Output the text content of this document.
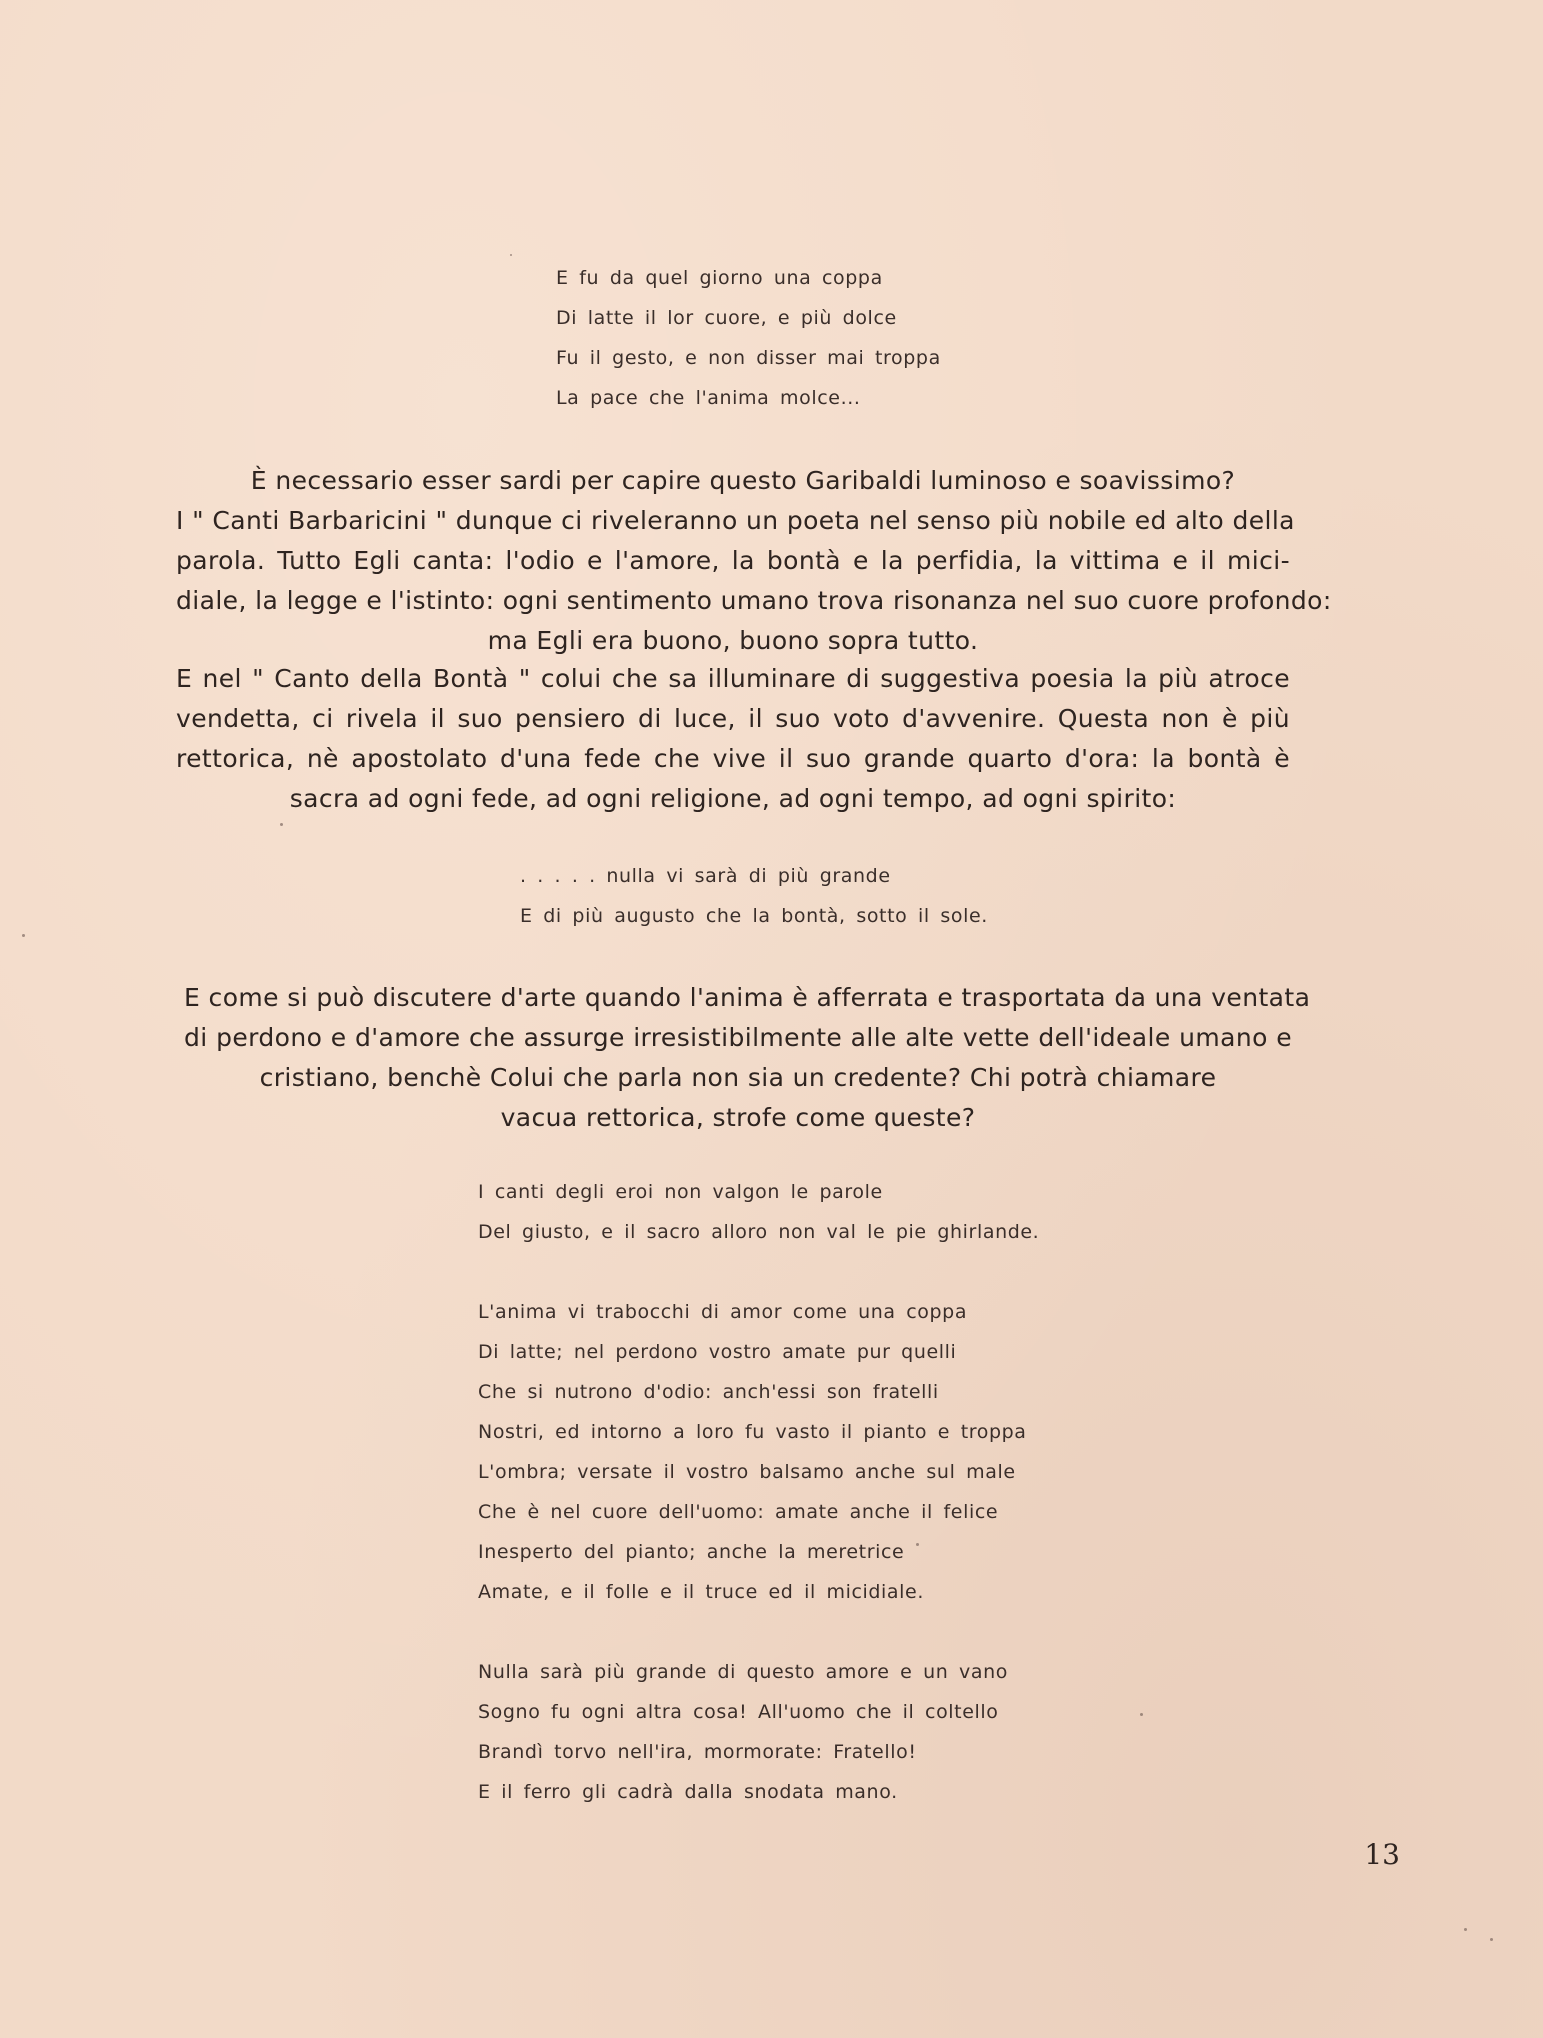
E fu da quel giorno una coppa
Di latte il lor cuore, e più dolce
Fu il gesto, e non disser mai troppa
La pace che l'anima molce...
È necessario esser sardi per capire questo Garibaldi luminoso e soavissimo?
I " Canti Barbaricini " dunque ci riveleranno un poeta nel senso più nobile ed alto della
parola. Tutto Egli canta: l'odio e l'amore, la bontà e la perfidia, la vittima e il mici-
diale, la legge e l'istinto: ogni sentimento umano trova risonanza nel suo cuore profondo:
ma Egli era buono, buono sopra tutto.
E nel " Canto della Bontà " colui che sa illuminare di suggestiva poesia la più atroce
vendetta, ci rivela il suo pensiero di luce, il suo voto d'avvenire. Questa non è più
rettorica, nè apostolato d'una fede che vive il suo grande quarto d'ora: la bontà è
sacra ad ogni fede, ad ogni religione, ad ogni tempo, ad ogni spirito:
. . . . . nulla vi sarà di più grande
E di più augusto che la bontà, sotto il sole.
E come si può discutere d'arte quando l'anima è afferrata e trasportata da una ventata
di perdono e d'amore che assurge irresistibilmente alle alte vette dell'ideale umano e
cristiano, benchè Colui che parla non sia un credente? Chi potrà chiamare
vacua rettorica, strofe come queste?
I canti degli eroi non valgon le parole
Del giusto, e il sacro alloro non val le pie ghirlande.
L'anima vi trabocchi di amor come una coppa
Di latte; nel perdono vostro amate pur quelli
Che si nutrono d'odio: anch'essi son fratelli
Nostri, ed intorno a loro fu vasto il pianto e troppa
L'ombra; versate il vostro balsamo anche sul male
Che è nel cuore dell'uomo: amate anche il felice
Inesperto del pianto; anche la meretrice
Amate, e il folle e il truce ed il micidiale.
Nulla sarà più grande di questo amore e un vano
Sogno fu ogni altra cosa! All'uomo che il coltello
Brandì torvo nell'ira, mormorate: Fratello!
E il ferro gli cadrà dalla snodata mano.
13
